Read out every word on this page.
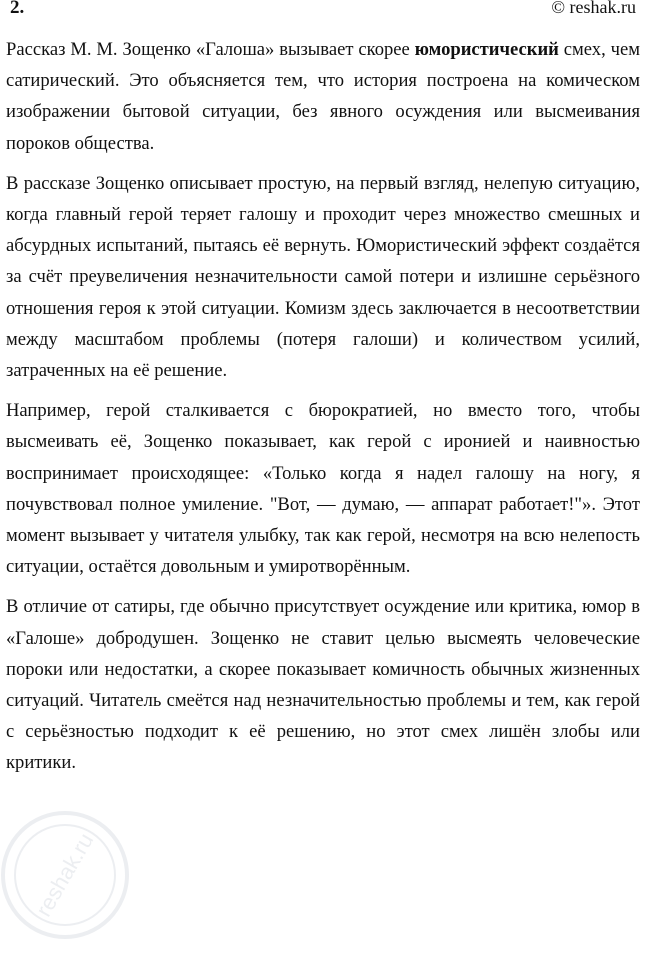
reshak.ru
2.	© reshak.ru

Рассказ М. М. Зощенко «Галоша» вызывает скорее юмористический смех, чем сатирический. Это объясняется тем, что история построена на комическом изображении бытовой ситуации, без явного осуждения или высмеивания пороков общества.

В рассказе Зощенко описывает простую, на первый взгляд, нелепую ситуацию, когда главный герой теряет галошу и проходит через множество смешных и абсурдных испытаний, пытаясь её вернуть. Юмористический эффект создаётся за счёт преувеличения незначительности самой потери и излишне серьёзного отношения героя к этой ситуации. Комизм здесь заключается в несоответствии между масштабом проблемы (потеря галоши) и количеством усилий, затраченных на её решение.

Например, герой сталкивается с бюрократией, но вместо того, чтобы высмеивать её, Зощенко показывает, как герой с иронией и наивностью воспринимает происходящее: «Только когда я надел галошу на ногу, я почувствовал полное умиление. "Вот, — думаю, — аппарат работает!"». Этот момент вызывает у читателя улыбку, так как герой, несмотря на всю нелепость ситуации, остаётся довольным и умиротворённым.

В отличие от сатиры, где обычно присутствует осуждение или критика, юмор в «Галоше» добродушен. Зощенко не ставит целью высмеять человеческие пороки или недостатки, а скорее показывает комичность обычных жизненных ситуаций. Читатель смеётся над незначительностью проблемы и тем, как герой с серьёзностью подходит к её решению, но этот смех лишён злобы или критики.
